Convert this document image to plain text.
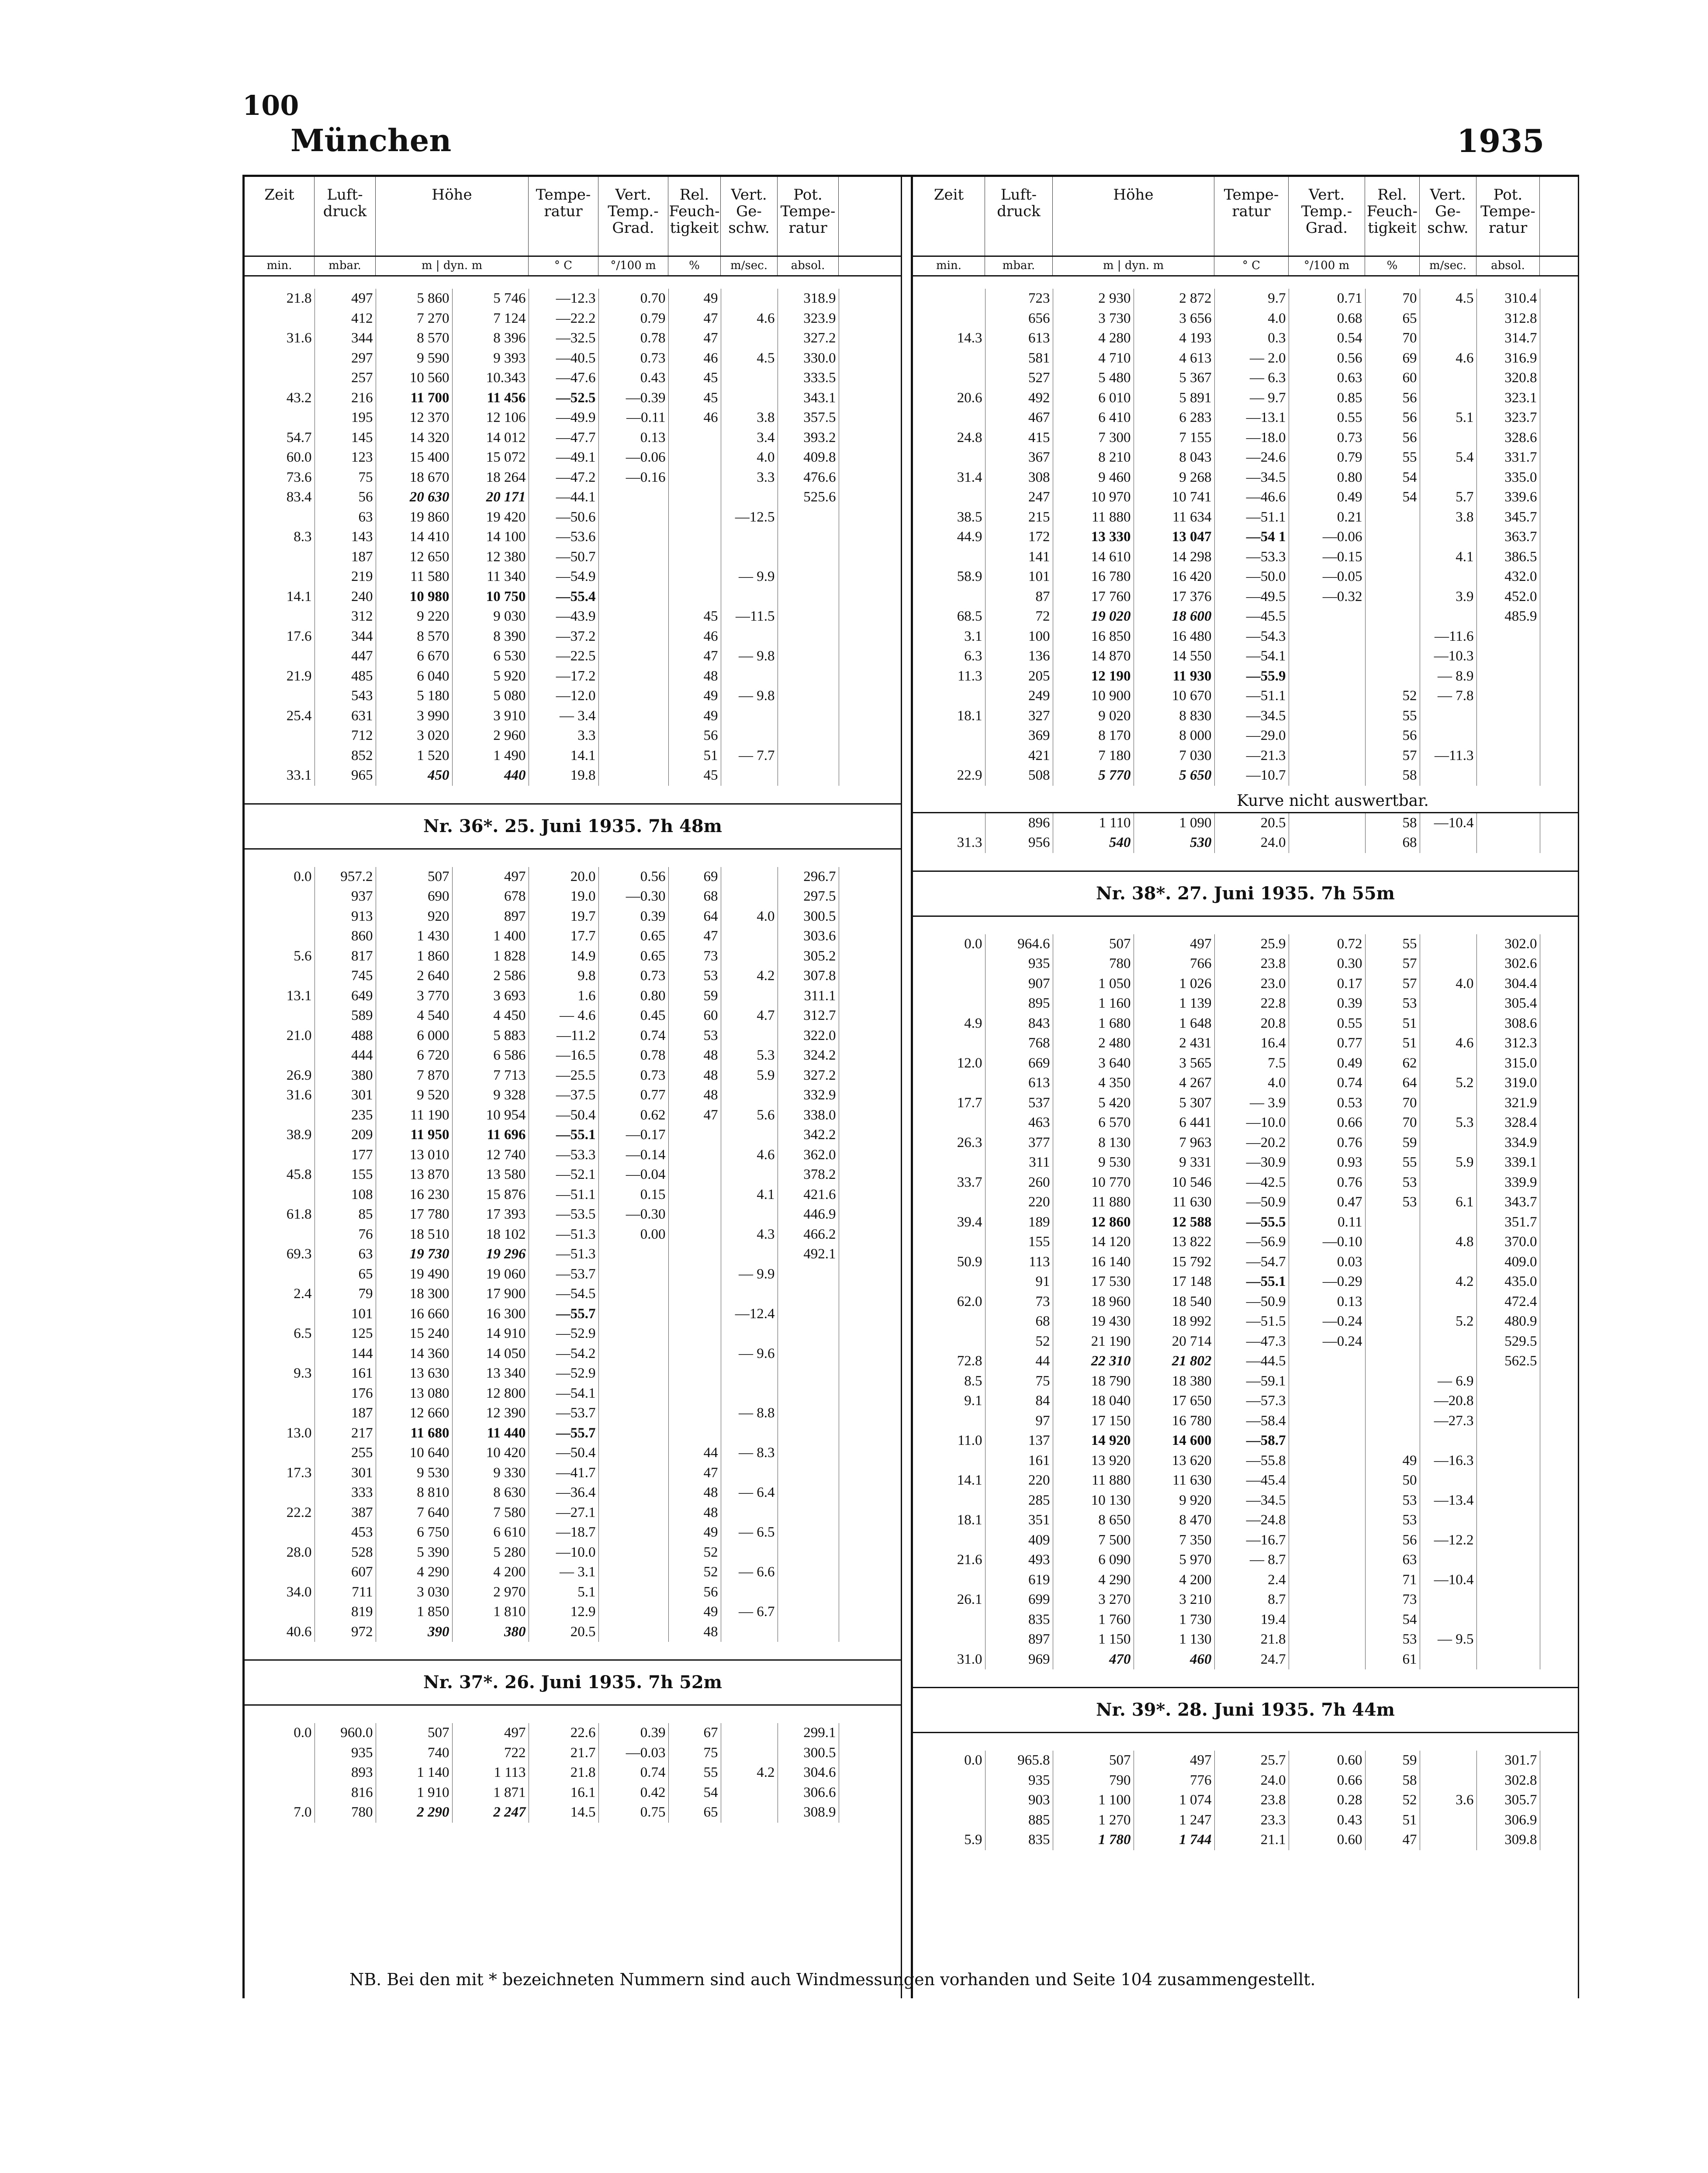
100
München	1935
Zeit	Luft-druck
Höhe	Tempe-ratur
Vert. Temp.-Grad.
Rel. Feuch-tigkeit
Vert. Ge-schw.
Pot. Tempe-ratur
min.	mbar.	m | dyn. m	° C	°/100 m	%	m/sec.	absol.
21.8	497	5 860	5 746	—12.3	0.70	49		318.9
	412	7 270	7 124	—22.2	0.79	47	4.6	323.9
31.6	344	8 570	8 396	—32.5	0.78	47		327.2
	297	9 590	9 393	—40.5	0.73	46	4.5	330.0
	257	10 560	10.343	—47.6	0.43	45		333.5
43.2	216	11 700	11 456	—52.5	—0.39	45		343.1
	195	12 370	12 106	—49.9	—0.11	46	3.8	357.5
54.7	145	14 320	14 012	—47.7	0.13		3.4	393.2
60.0	123	15 400	15 072	—49.1	—0.06		4.0	409.8
73.6	75	18 670	18 264	—47.2	—0.16		3.3	476.6
83.4	56	20 630	20 171	—44.1				525.6
	63	19 860	19 420	—50.6			—12.5	
8.3	143	14 410	14 100	—53.6				
	187	12 650	12 380	—50.7				
	219	11 580	11 340	—54.9			— 9.9	
14.1	240	10 980	10 750	—55.4				
	312	9 220	9 030	—43.9		45	—11.5	
17.6	344	8 570	8 390	—37.2		46		
	447	6 670	6 530	—22.5		47	— 9.8	
21.9	485	6 040	5 920	—17.2		48		
	543	5 180	5 080	—12.0		49	— 9.8	
25.4	631	3 990	3 910	— 3.4		49		
	712	3 020	2 960	3.3		56		
	852	1 520	1 490	14.1		51	— 7.7	
33.1	965	450	440	19.8		45		
Nr. 36*. 25. Juni 1935. 7h 48m
0.0	957.2	507	497	20.0	0.56	69		296.7
	937	690	678	19.0	—0.30	68		297.5
	913	920	897	19.7	0.39	64	4.0	300.5
	860	1 430	1 400	17.7	0.65	47		303.6
5.6	817	1 860	1 828	14.9	0.65	73		305.2
	745	2 640	2 586	9.8	0.73	53	4.2	307.8
13.1	649	3 770	3 693	1.6	0.80	59		311.1
	589	4 540	4 450	— 4.6	0.45	60	4.7	312.7
21.0	488	6 000	5 883	—11.2	0.74	53		322.0
	444	6 720	6 586	—16.5	0.78	48	5.3	324.2
26.9	380	7 870	7 713	—25.5	0.73	48	5.9	327.2
31.6	301	9 520	9 328	—37.5	0.77	48		332.9
	235	11 190	10 954	—50.4	0.62	47	5.6	338.0
38.9	209	11 950	11 696	—55.1	—0.17			342.2
	177	13 010	12 740	—53.3	—0.14		4.6	362.0
45.8	155	13 870	13 580	—52.1	—0.04			378.2
	108	16 230	15 876	—51.1	0.15		4.1	421.6
61.8	85	17 780	17 393	—53.5	—0.30			446.9
	76	18 510	18 102	—51.3	0.00		4.3	466.2
69.3	63	19 730	19 296	—51.3				492.1
	65	19 490	19 060	—53.7			— 9.9	
2.4	79	18 300	17 900	—54.5				
	101	16 660	16 300	—55.7			—12.4	
6.5	125	15 240	14 910	—52.9				
	144	14 360	14 050	—54.2			— 9.6	
9.3	161	13 630	13 340	—52.9				
	176	13 080	12 800	—54.1				
	187	12 660	12 390	—53.7			— 8.8	
13.0	217	11 680	11 440	—55.7				
	255	10 640	10 420	—50.4		44	— 8.3	
17.3	301	9 530	9 330	—41.7		47		
	333	8 810	8 630	—36.4		48	— 6.4	
22.2	387	7 640	7 580	—27.1		48		
	453	6 750	6 610	—18.7		49	— 6.5	
28.0	528	5 390	5 280	—10.0		52		
	607	4 290	4 200	— 3.1		52	— 6.6	
34.0	711	3 030	2 970	5.1		56		
	819	1 850	1 810	12.9		49	— 6.7	
40.6	972	390	380	20.5		48		
Nr. 37*. 26. Juni 1935. 7h 52m
0.0	960.0	507	497	22.6	0.39	67		299.1
	935	740	722	21.7	—0.03	75		300.5
	893	1 140	1 113	21.8	0.74	55	4.2	304.6
	816	1 910	1 871	16.1	0.42	54		306.6
7.0	780	2 290	2 247	14.5	0.75	65		308.9
Zeit	Luft-druck
Höhe	Tempe-ratur
Vert. Temp.-Grad.
Rel. Feuch-tigkeit
Vert. Ge-schw.
Pot. Tempe-ratur
min.	mbar.	m | dyn. m	° C	°/100 m	%	m/sec.	absol.
	723	2 930	2 872	9.7	0.71	70	4.5	310.4
	656	3 730	3 656	4.0	0.68	65		312.8
14.3	613	4 280	4 193	0.3	0.54	70		314.7
	581	4 710	4 613	— 2.0	0.56	69	4.6	316.9
	527	5 480	5 367	— 6.3	0.63	60		320.8
20.6	492	6 010	5 891	— 9.7	0.85	56		323.1
	467	6 410	6 283	—13.1	0.55	56	5.1	323.7
24.8	415	7 300	7 155	—18.0	0.73	56		328.6
	367	8 210	8 043	—24.6	0.79	55	5.4	331.7
31.4	308	9 460	9 268	—34.5	0.80	54		335.0
	247	10 970	10 741	—46.6	0.49	54	5.7	339.6
38.5	215	11 880	11 634	—51.1	0.21		3.8	345.7
44.9	172	13 330	13 047	—54 1	—0.06			363.7
	141	14 610	14 298	—53.3	—0.15		4.1	386.5
58.9	101	16 780	16 420	—50.0	—0.05			432.0
	87	17 760	17 376	—49.5	—0.32		3.9	452.0
68.5	72	19 020	18 600	—45.5				485.9
3.1	100	16 850	16 480	—54.3			—11.6	
6.3	136	14 870	14 550	—54.1			—10.3	
11.3	205	12 190	11 930	—55.9			— 8.9	
	249	10 900	10 670	—51.1		52	— 7.8	
18.1	327	9 020	8 830	—34.5		55		
	369	8 170	8 000	—29.0		56		
	421	7 180	7 030	—21.3		57	—11.3	
22.9	508	5 770	5 650	—10.7		58		
Kurve nicht auswertbar.
	896	1 110	1 090	20.5		58	—10.4	
31.3	956	540	530	24.0		68		
Nr. 38*. 27. Juni 1935. 7h 55m
0.0	964.6	507	497	25.9	0.72	55		302.0
	935	780	766	23.8	0.30	57		302.6
	907	1 050	1 026	23.0	0.17	57	4.0	304.4
	895	1 160	1 139	22.8	0.39	53		305.4
4.9	843	1 680	1 648	20.8	0.55	51		308.6
	768	2 480	2 431	16.4	0.77	51	4.6	312.3
12.0	669	3 640	3 565	7.5	0.49	62		315.0
	613	4 350	4 267	4.0	0.74	64	5.2	319.0
17.7	537	5 420	5 307	— 3.9	0.53	70		321.9
	463	6 570	6 441	—10.0	0.66	70	5.3	328.4
26.3	377	8 130	7 963	—20.2	0.76	59		334.9
	311	9 530	9 331	—30.9	0.93	55	5.9	339.1
33.7	260	10 770	10 546	—42.5	0.76	53		339.9
	220	11 880	11 630	—50.9	0.47	53	6.1	343.7
39.4	189	12 860	12 588	—55.5	0.11			351.7
	155	14 120	13 822	—56.9	—0.10		4.8	370.0
50.9	113	16 140	15 792	—54.7	0.03			409.0
	91	17 530	17 148	—55.1	—0.29		4.2	435.0
62.0	73	18 960	18 540	—50.9	0.13			472.4
	68	19 430	18 992	—51.5	—0.24		5.2	480.9
	52	21 190	20 714	—47.3	—0.24			529.5
72.8	44	22 310	21 802	—44.5				562.5
8.5	75	18 790	18 380	—59.1			— 6.9	
9.1	84	18 040	17 650	—57.3			—20.8	
	97	17 150	16 780	—58.4			—27.3	
11.0	137	14 920	14 600	—58.7				
	161	13 920	13 620	—55.8		49	—16.3	
14.1	220	11 880	11 630	—45.4		50		
	285	10 130	9 920	—34.5		53	—13.4	
18.1	351	8 650	8 470	—24.8		53		
	409	7 500	7 350	—16.7		56	—12.2	
21.6	493	6 090	5 970	— 8.7		63		
	619	4 290	4 200	2.4		71	—10.4	
26.1	699	3 270	3 210	8.7		73		
	835	1 760	1 730	19.4		54		
	897	1 150	1 130	21.8		53	— 9.5	
31.0	969	470	460	24.7		61		
Nr. 39*. 28. Juni 1935. 7h 44m
0.0	965.8	507	497	25.7	0.60	59		301.7
	935	790	776	24.0	0.66	58		302.8
	903	1 100	1 074	23.8	0.28	52	3.6	305.7
	885	1 270	1 247	23.3	0.43	51		306.9
5.9	835	1 780	1 744	21.1	0.60	47		309.8
NB. Bei den mit * bezeichneten Nummern sind auch Windmessungen vorhanden und Seite 104 zusammengestellt.
